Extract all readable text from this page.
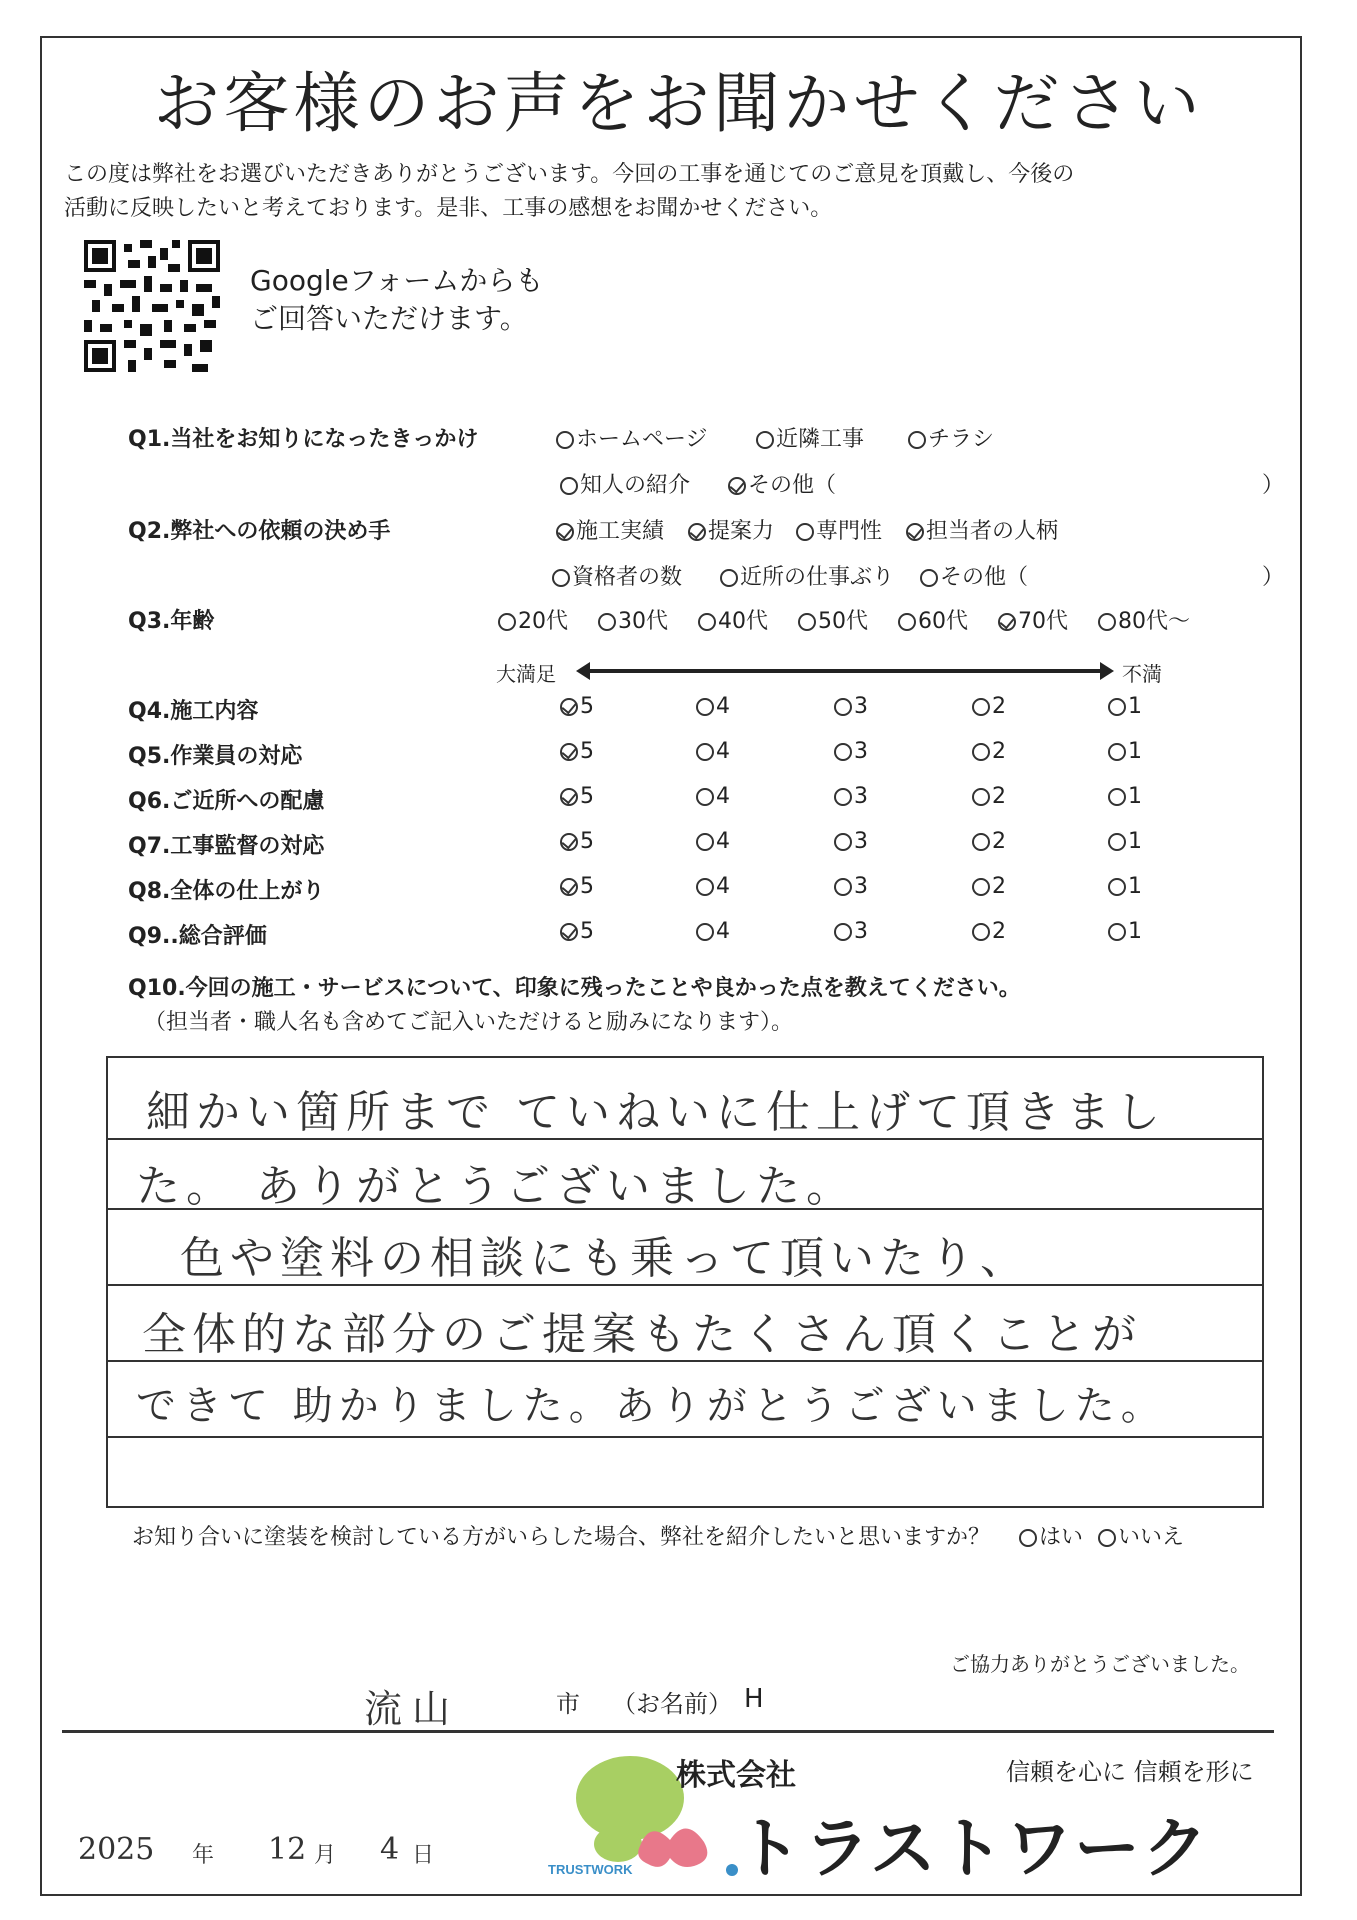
お客様のお声をお聞かせください
この度は弊社をお選びいただきありがとうございます。今回の工事を通じてのご意見を頂戴し、今後の
活動に反映したいと考えております。是非、工事の感想をお聞かせください。
Googleフォームからも
ご回答いただけます。
Q1.当社をお知りになったきっかけ	ホームページ	近隣工事	チラシ
知人の紹介	その他（	）
Q2.弊社への依頼の決め手	施工実績	提案力	専門性	担当者の人柄
資格者の数	近所の仕事ぶり	その他（	）
Q3.年齢	20代	30代	40代	50代	60代	70代	80代～
大満足	不満
Q4.施工内容	5	4	3	2	1
Q5.作業員の対応	5	4	3	2	1
Q6.ご近所への配慮	5	4	3	2	1
Q7.工事監督の対応	5	4	3	2	1
Q8.全体の仕上がり	5	4	3	2	1
Q9..総合評価	5	4	3	2	1
Q10.今回の施工・サービスについて、印象に残ったことや良かった点を教えてください。
（担当者・職人名も含めてご記入いただけると励みになります）。
細かい箇所まで ていねいに仕上げて頂きまし
た。 ありがとうございました。
色や塗料の相談にも乗って頂いたり、
全体的な部分のご提案もたくさん頂くことが
できて 助かりました。ありがとうございました。
お知り合いに塗装を検討している方がいらした場合、弊社を紹介したいと思いますか？ はい いいえ
ご協力ありがとうございました。
流山	市 （お名前） H
TRUSTWORK
株式会社	信頼を心に 信頼を形に
トラストワーク
2025 年 12 月 4 日
